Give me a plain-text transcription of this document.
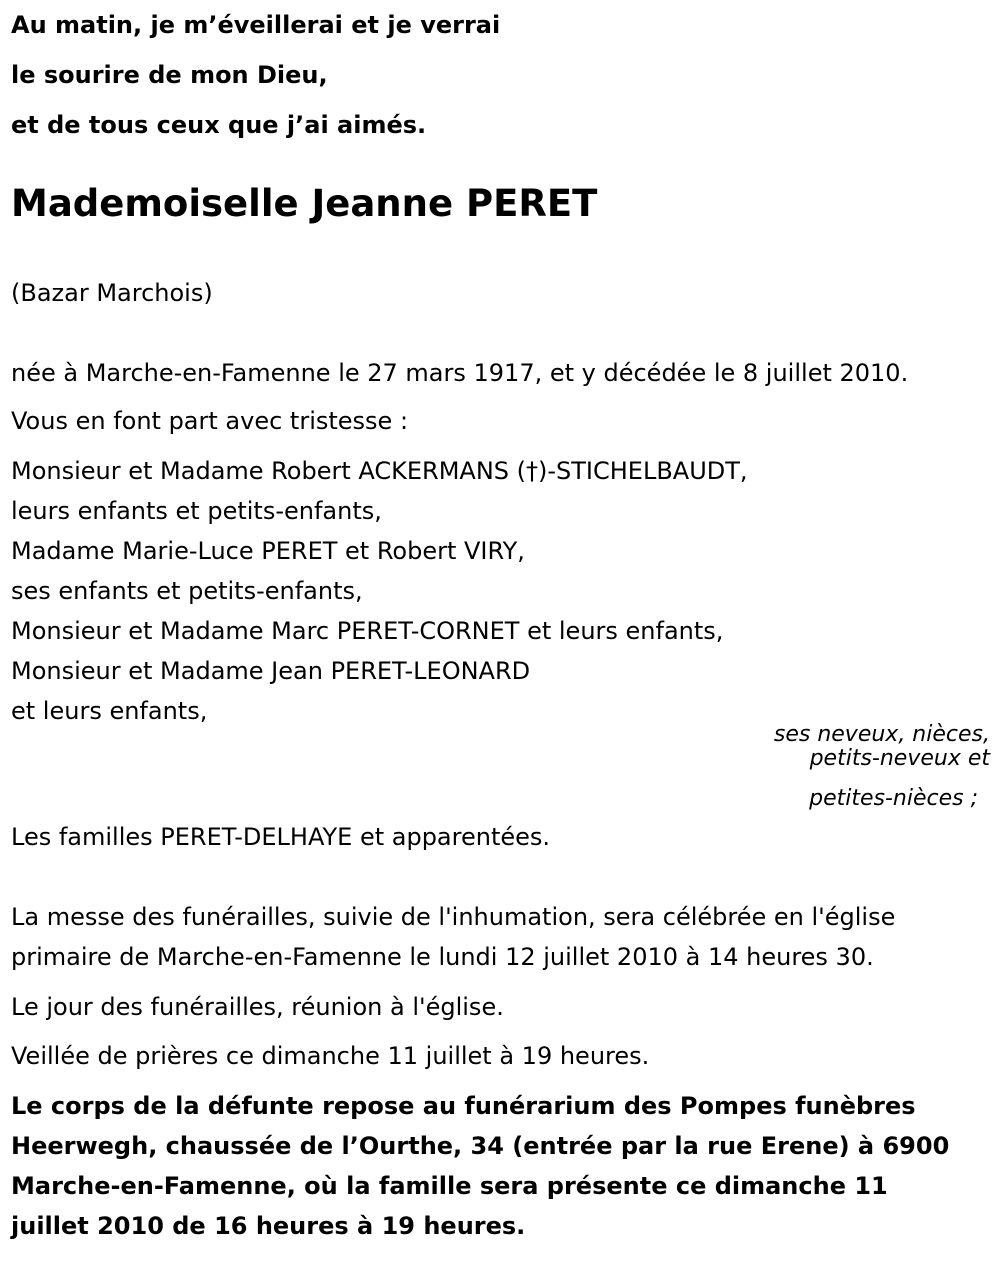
Au matin, je m’éveillerai et je verrai
le sourire de mon Dieu,
et de tous ceux que j’ai aimés.
Mademoiselle Jeanne PERET
(Bazar Marchois)
née à Marche-en-Famenne le 27 mars 1917, et y décédée le 8 juillet 2010.
Vous en font part avec tristesse :
Monsieur et Madame Robert ACKERMANS (†)-STICHELBAUDT,
leurs enfants et petits-enfants,
Madame Marie-Luce PERET et Robert VIRY,
ses enfants et petits-enfants,
Monsieur et Madame Marc PERET-CORNET et leurs enfants,
Monsieur et Madame Jean PERET-LEONARD
et leurs enfants,
ses neveux, nièces,
petits-neveux et
petites-nièces ;
Les familles PERET-DELHAYE et apparentées.
La messe des funérailles, suivie de l'inhumation, sera célébrée en l'église
primaire de Marche-en-Famenne le lundi 12 juillet 2010 à 14 heures 30.
Le jour des funérailles, réunion à l'église.
Veillée de prières ce dimanche 11 juillet à 19 heures.
Le corps de la défunte repose au funérarium des Pompes funèbres
Heerwegh, chaussée de l’Ourthe, 34 (entrée par la rue Erene) à 6900
Marche-en-Famenne, où la famille sera présente ce dimanche 11
juillet 2010 de 16 heures à 19 heures.
